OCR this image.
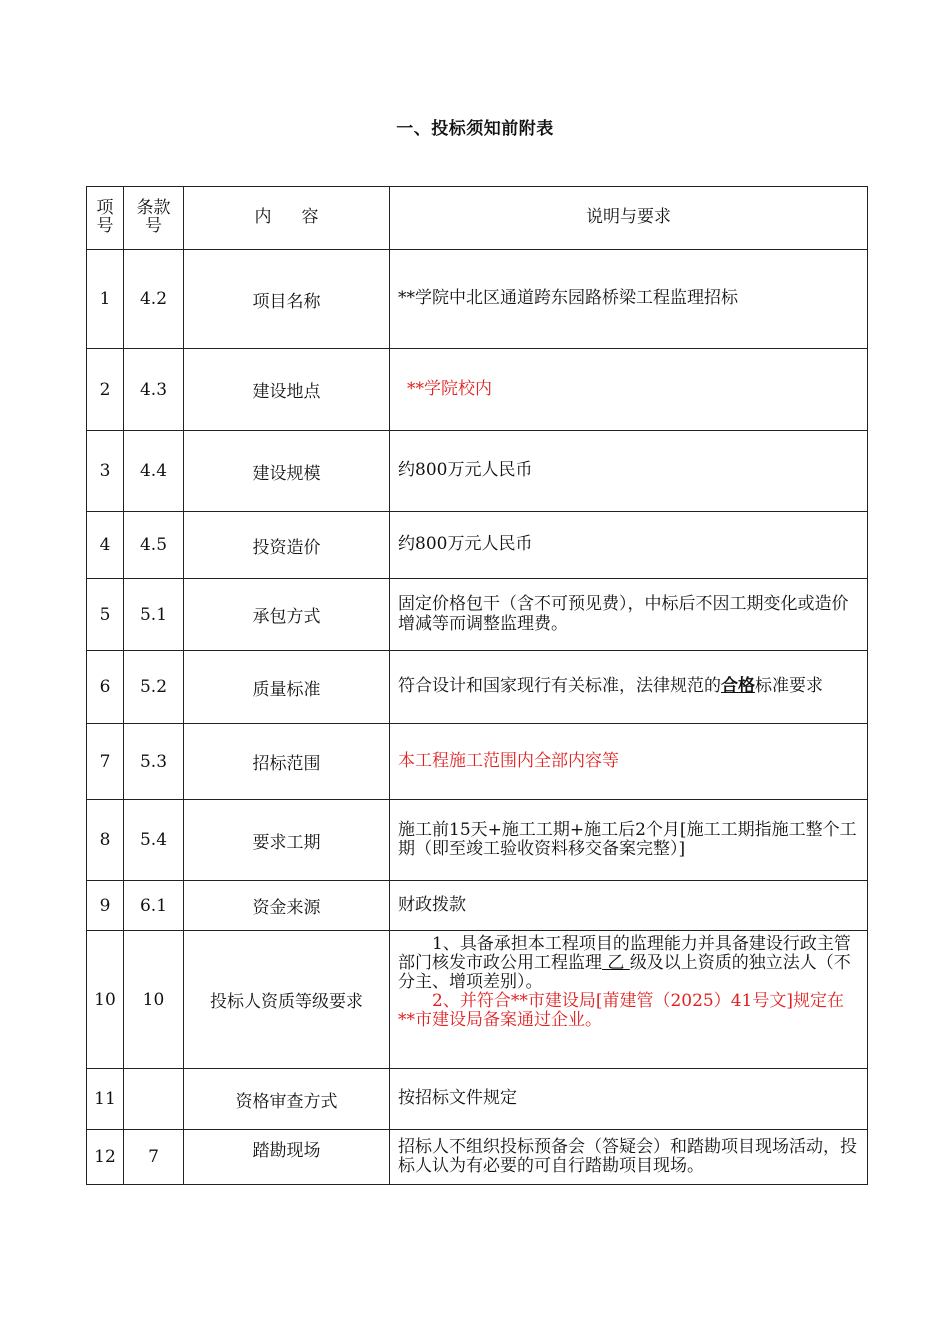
一、投标须知前附表
项号	条款号	内容	说明与要求
1	4.2	项目名称	**学院中北区通道跨东园路桥梁工程监理招标
2	4.3	建设地点	**学院校内
3	4.4	建设规模	约800万元人民币
4	4.5	投资造价	约800万元人民币
5	5.1	承包方式	固定价格包干（含不可预见费），中标后不因工期变化或造价增减等而调整监理费。
6	5.2	质量标准	符合设计和国家现行有关标准，法律规范的合格标准要求
7	5.3	招标范围	本工程施工范围内全部内容等
8	5.4	要求工期	施工前15天+施工工期+施工后2个月[施工工期指施工整个工期（即至竣工验收资料移交备案完整）]
9	6.1	资金来源	财政拨款
10	10	投标人资质等级要求	1、具备承担本工程项目的监理能力并具备建设行政主管部门核发市政公用工程监理 乙 级及以上资质的独立法人（不分主、增项差别）。
2、并符合**市建设局[莆建管（2025）41号文]规定在**市建设局备案通过企业。

11		资格审查方式	按招标文件规定
12	7	踏勘现场	招标人不组织投标预备会（答疑会）和踏勘项目现场活动，投标人认为有必要的可自行踏勘项目现场。
